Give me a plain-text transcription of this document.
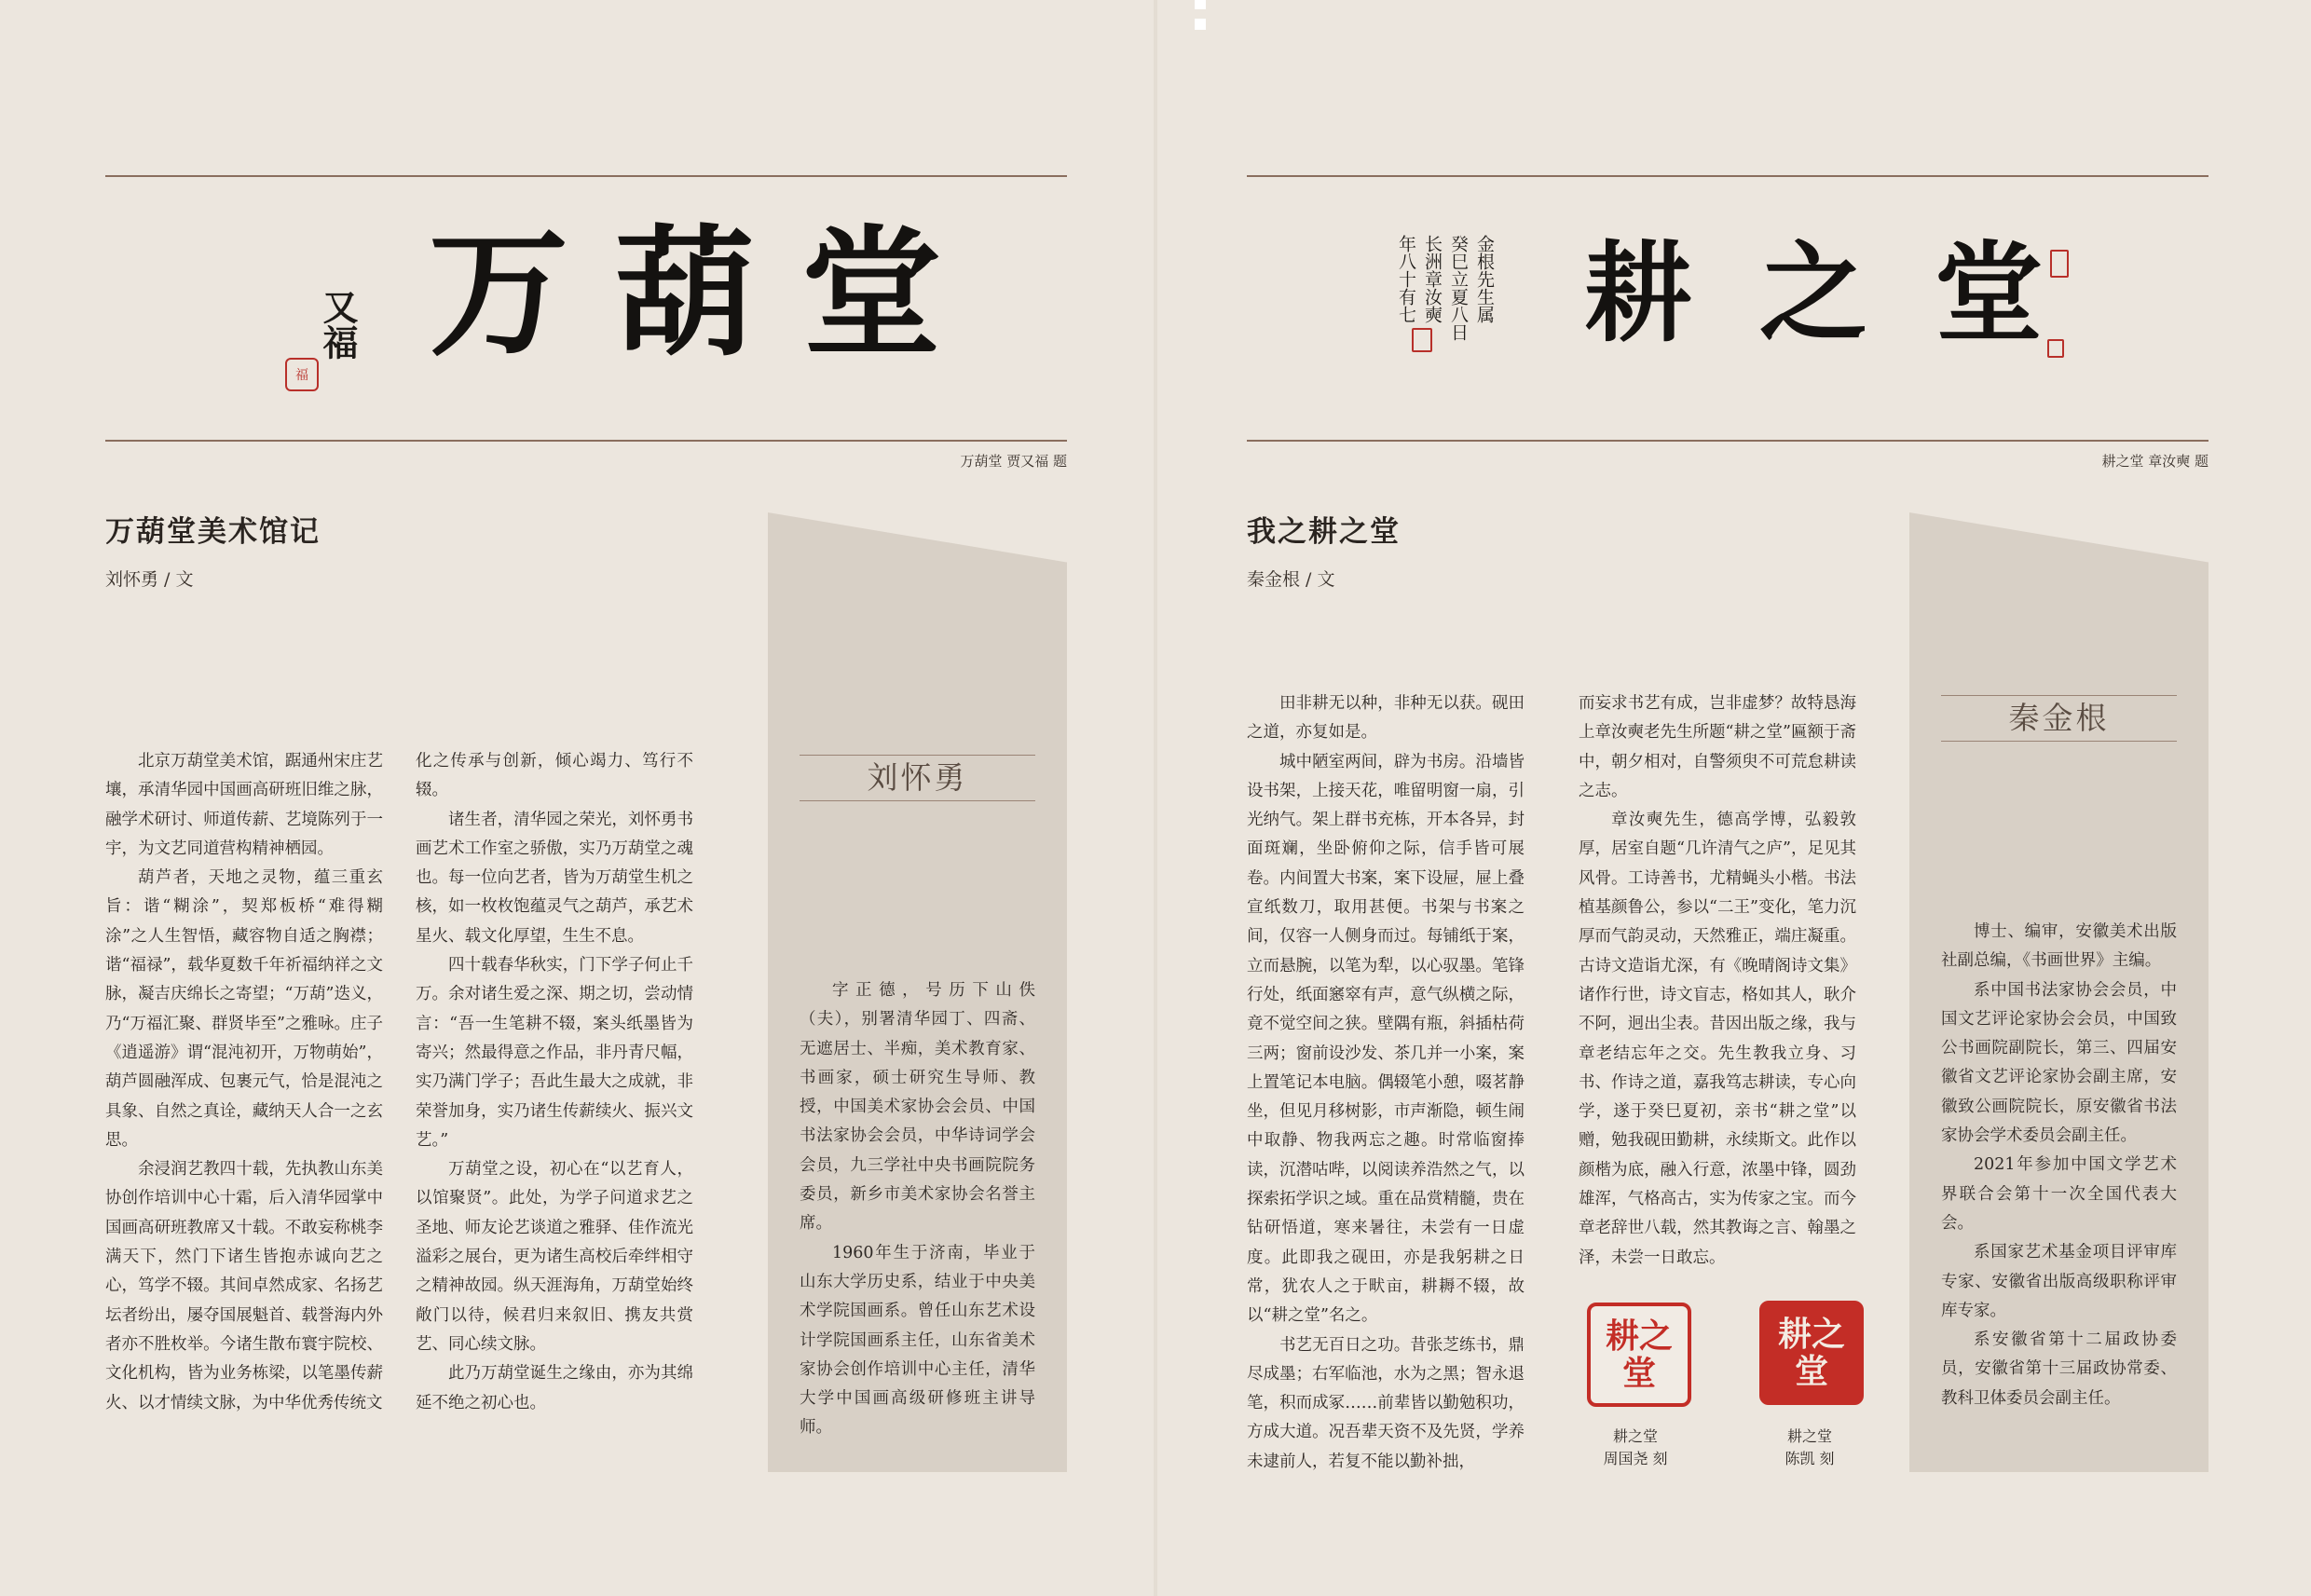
万葫堂
又福
福
万葫堂 贾又福 题
万葫堂美术馆记
刘怀勇 / 文

北京万葫堂美术馆，踞通州宋庄艺壤，承清华园中国画高研班旧维之脉，融学术研讨、师道传薪、艺境陈列于一宇，为文艺同道营构精神栖园。

葫芦者，天地之灵物，蕴三重玄旨：谐“糊涂”，契郑板桥“难得糊涂”之人生智悟，藏容物自适之胸襟；谐“福禄”，载华夏数千年祈福纳祥之文脉，凝吉庆绵长之寄望；“万葫”迭义，乃“万福汇聚、群贤毕至”之雅咏。庄子《逍遥游》谓“混沌初开，万物萌始”，葫芦圆融浑成、包裹元气，恰是混沌之具象、自然之真诠，藏纳天人合一之玄思。

余浸润艺教四十载，先执教山东美协创作培训中心十霜，后入清华园掌中国画高研班教席又十载。不敢妄称桃李满天下，然门下诸生皆抱赤诚向艺之心，笃学不辍。其间卓然成家、名扬艺坛者纷出，屡夺国展魁首、载誉海内外者亦不胜枚举。今诸生散布寰宇院校、文化机构，皆为业务栋梁，以笔墨传薪火、以才情续文脉，为中华优秀传统文

化之传承与创新，倾心竭力、笃行不辍。

诸生者，清华园之荣光，刘怀勇书画艺术工作室之骄傲，实乃万葫堂之魂也。每一位向艺者，皆为万葫堂生机之核，如一枚枚饱蕴灵气之葫芦，承艺术星火、载文化厚望，生生不息。

四十载春华秋实，门下学子何止千万。余对诸生爱之深、期之切，尝动情言：“吾一生笔耕不辍，案头纸墨皆为寄兴；然最得意之作品，非丹青尺幅，实乃满门学子；吾此生最大之成就，非荣誉加身，实乃诸生传薪续火、振兴文艺。”

万葫堂之设，初心在“以艺育人，以馆聚贤”。此处，为学子问道求艺之圣地、师友论艺谈道之雅驿、佳作流光溢彩之展台，更为诸生高校后牵绊相守之精神故园。纵天涯海角，万葫堂始终敞门以待，候君归来叙旧、携友共赏艺、同心续文脉。

此乃万葫堂诞生之缘由，亦为其绵延不绝之初心也。

刘怀勇

字正德，号历下山佚（夫），别署清华园丁、四斋、无遮居士、半痴，美术教育家、书画家，硕士研究生导师、教授，中国美术家协会会员、中国书法家协会会员，中华诗词学会会员，九三学社中央书画院院务委员，新乡市美术家协会名誉主席。

1960年生于济南，毕业于山东大学历史系，结业于中央美术学院国画系。曾任山东艺术设计学院国画系主任，山东省美术家协会创作培训中心主任，清华大学中国画高级研修班主讲导师。

金根先生属
癸巳立夏八日
长洲章汝奭
年八十有七	耕之堂
耕之堂 章汝奭 题
我之耕之堂
秦金根 / 文

田非耕无以种，非种无以获。砚田之道，亦复如是。

城中陋室两间，辟为书房。沿墙皆设书架，上接天花，唯留明窗一扇，引光纳气。架上群书充栋，开本各异，封面斑斓，坐卧俯仰之际，信手皆可展卷。内间置大书案，案下设屉，屉上叠宣纸数刀，取用甚便。书架与书案之间，仅容一人侧身而过。每铺纸于案，立而悬腕，以笔为犁，以心驭墨。笔锋行处，纸面窸窣有声，意气纵横之际，竟不觉空间之狭。壁隅有瓶，斜插枯荷三两；窗前设沙发、茶几并一小案，案上置笔记本电脑。偶辍笔小憩，啜茗静坐，但见月移树影，市声渐隐，顿生闹中取静、物我两忘之趣。时常临窗捧读，沉潜咕哔，以阅读养浩然之气，以探索拓学识之域。重在品赏精髓，贵在钻研悟道，寒来暑往，未尝有一日虚度。此即我之砚田，亦是我躬耕之日常，犹农人之于畎亩，耕耨不辍，故以“耕之堂”名之。

书艺无百日之功。昔张芝练书，鼎尽成墨；右军临池，水为之黑；智永退笔，积而成冢……前辈皆以勤勉积功，方成大道。况吾辈天资不及先贤，学养未逮前人，若复不能以勤补拙，

而妄求书艺有成，岂非虚梦？故特恳海上章汝奭老先生所题“耕之堂”匾额于斋中，朝夕相对，自警须臾不可荒怠耕读之志。

章汝奭先生，德高学博，弘毅敦厚，居室自题“几许清气之庐”，足见其风骨。工诗善书，尤精蝇头小楷。书法植基颜鲁公，参以“二王”变化，笔力沉厚而气韵灵动，天然雅正，端庄凝重。古诗文造诣尤深，有《晚晴阁诗文集》诸作行世，诗文盲志，格如其人，耿介不阿，迥出尘表。昔因出版之缘，我与章老结忘年之交。先生教我立身、习书、作诗之道，嘉我笃志耕读，专心向学，遂于癸巳夏初，亲书“耕之堂”以赠，勉我砚田勤耕，永续斯文。此作以颜楷为底，融入行意，浓墨中锋，圆劲雄浑，气格高古，实为传家之宝。而今章老辞世八载，然其教诲之言、翰墨之泽，未尝一日敢忘。

耕之堂
耕之堂
周国尧 刻
耕之堂
耕之堂
陈凯 刻
秦金根

博士、编审，安徽美术出版社副总编，《书画世界》主编。

系中国书法家协会会员，中国文艺评论家协会会员，中国致公书画院副院长，第三、四届安徽省文艺评论家协会副主席，安徽致公画院院长，原安徽省书法家协会学术委员会副主任。

2021年参加中国文学艺术界联合会第十一次全国代表大会。

系国家艺术基金项目评审库专家、安徽省出版高级职称评审库专家。

系安徽省第十二届政协委员，安徽省第十三届政协常委、教科卫体委员会副主任。
